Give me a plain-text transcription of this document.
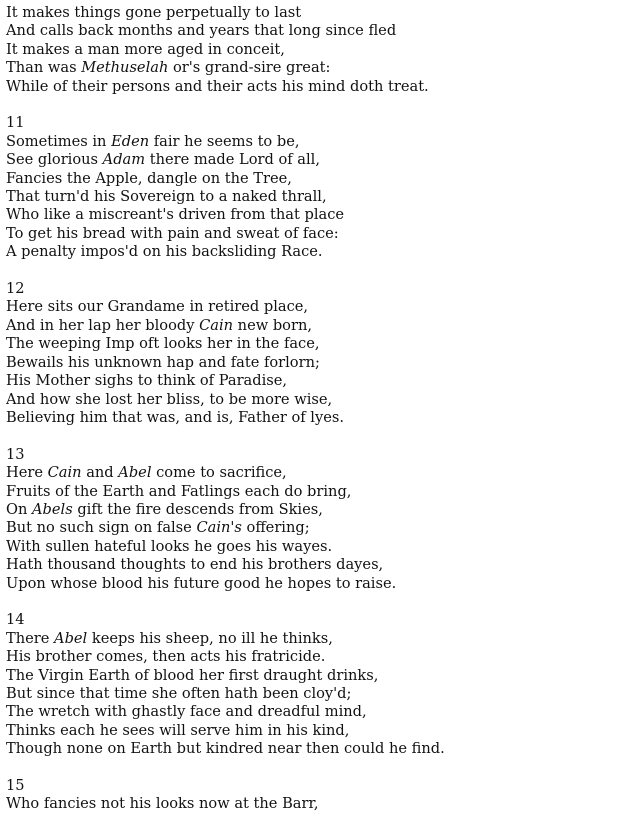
It makes things gone perpetually to last
And calls back months and years that long since fled
It makes a man more aged in conceit,
Than was Methuselah or's grand-sire great:
While of their persons and their acts his mind doth treat.
11
Sometimes in Eden fair he seems to be,
See glorious Adam there made Lord of all,
Fancies the Apple, dangle on the Tree,
That turn'd his Sovereign to a naked thrall,
Who like a miscreant's driven from that place
To get his bread with pain and sweat of face:
A penalty impos'd on his backsliding Race.
12
Here sits our Grandame in retired place,
And in her lap her bloody Cain new born,
The weeping Imp oft looks her in the face,
Bewails his unknown hap and fate forlorn;
His Mother sighs to think of Paradise,
And how she lost her bliss, to be more wise,
Believing him that was, and is, Father of lyes.
13
Here Cain and Abel come to sacrifice,
Fruits of the Earth and Fatlings each do bring,
On Abels gift the fire descends from Skies,
But no such sign on false Cain's offering;
With sullen hateful looks he goes his wayes.
Hath thousand thoughts to end his brothers dayes,
Upon whose blood his future good he hopes to raise.
14
There Abel keeps his sheep, no ill he thinks,
His brother comes, then acts his fratricide.
The Virgin Earth of blood her first draught drinks,
But since that time she often hath been cloy'd;
The wretch with ghastly face and dreadful mind,
Thinks each he sees will serve him in his kind,
Though none on Earth but kindred near then could he find.
15
Who fancies not his looks now at the Barr,
